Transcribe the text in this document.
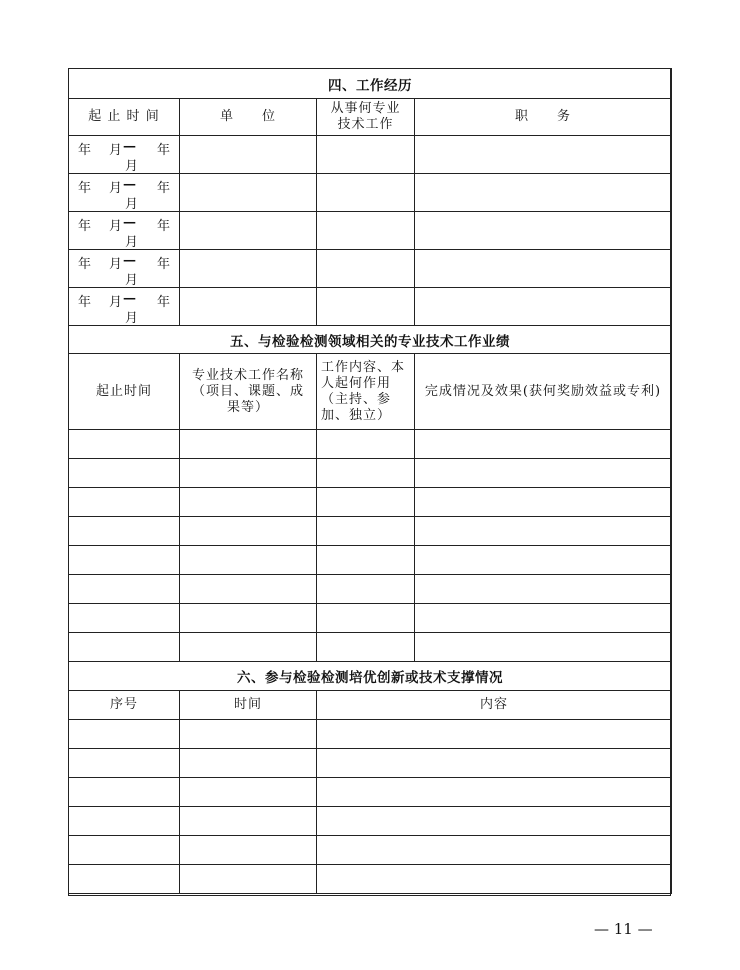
四、工作经历			
起 止 时 间	单　　位	从事何专业技术工作	职　　务

年 月 — 年
月			

年 月 — 年
月			

年 月 — 年
月			

年 月 — 年
月			

年 月 — 年
月			

五、与检验检测领域相关的专业技术工作业绩			
起止时间	专业技术工作名称（项目、课题、成果等）	工作内容、本人起何作用（主持、参加、独立）	完成情况及效果(获何奖励效益或专利)

六、参与检验检测培优创新或技术支撑情况			
序号	时间	内容	

— 11 —
